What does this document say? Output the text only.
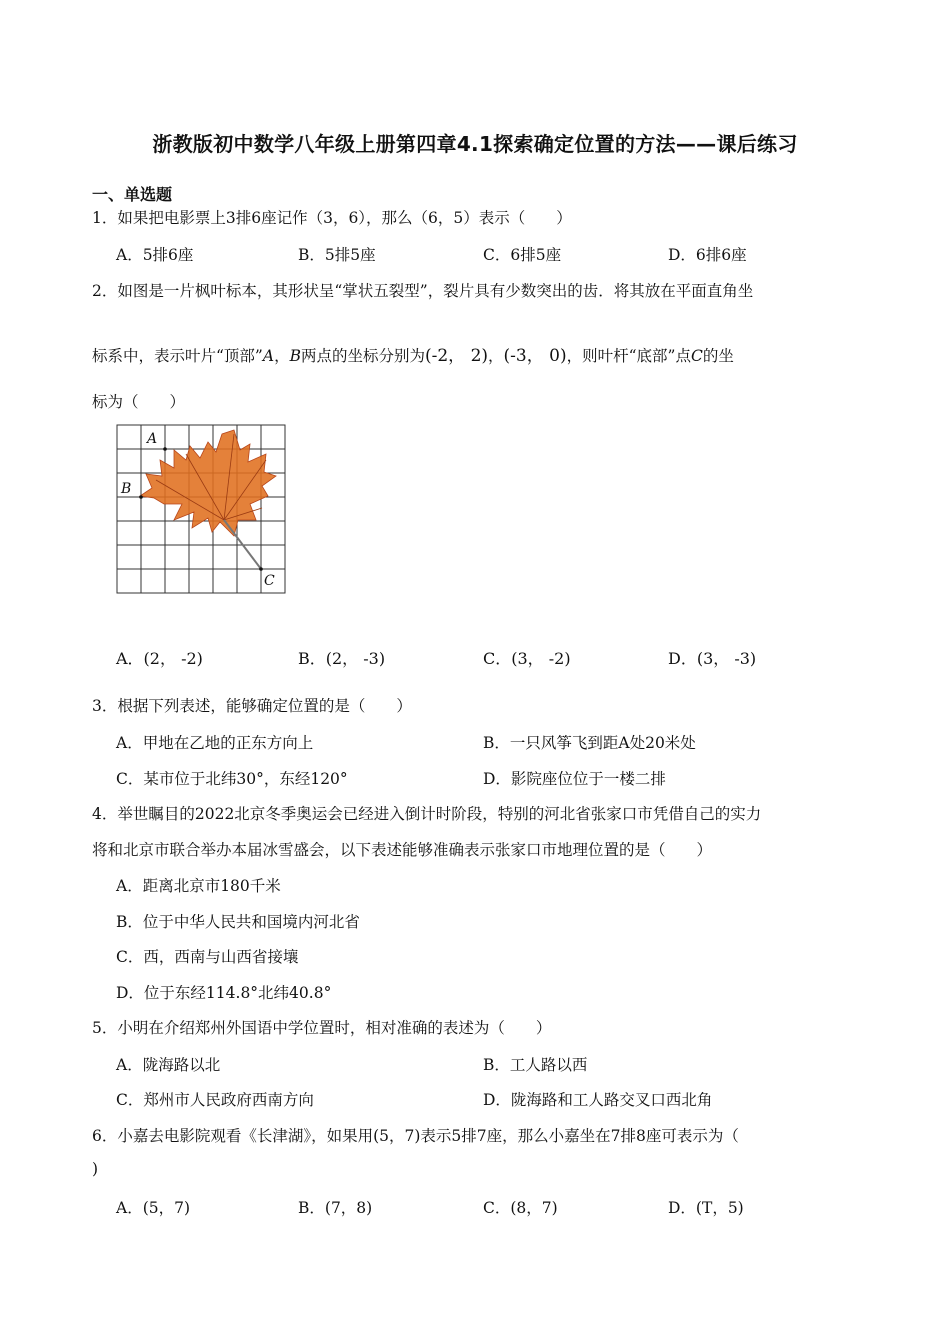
浙教版初中数学八年级上册第四章4.1探索确定位置的方法——课后练习
一、单选题
1．如果把电影票上3排6座记作（3，6），那么（6，5）表示（　　）
A．5排6座	B．5排5座	C．6排5座	D．6排6座
2．如图是一片枫叶标本，其形状呈“掌状五裂型”，裂片具有少数突出的齿．将其放在平面直角坐
标系中，表示叶片“顶部”A，B两点的坐标分别为(-2， 2)，(-3， 0)，则叶杆“底部”点C的坐
标为（　　）
A
B
C
A．(2， -2)	B．(2， -3)	C．(3， -2)	D．(3， -3)
3．根据下列表述，能够确定位置的是（　　）
A．甲地在乙地的正东方向上	B．一只风筝飞到距A处20米处
C．某市位于北纬30°，东经120°	D．影院座位位于一楼二排
4．举世瞩目的2022北京冬季奥运会已经进入倒计时阶段，特别的河北省张家口市凭借自己的实力
将和北京市联合举办本届冰雪盛会，以下表述能够准确表示张家口市地理位置的是（　　）
A．距离北京市180千米
B．位于中华人民共和国境内河北省
C．西，西南与山西省接壤
D．位于东经114.8°北纬40.8°
5．小明在介绍郑州外国语中学位置时，相对准确的表述为（　　）
A．陇海路以北	B．工人路以西
C．郑州市人民政府西南方向	D．陇海路和工人路交叉口西北角
6．小嘉去电影院观看《长津湖》，如果用(5，7)表示5排7座，那么小嘉坐在7排8座可表示为（
)
A．(5，7)	B．(7，8)	C．(8，7)	D．(T，5)
